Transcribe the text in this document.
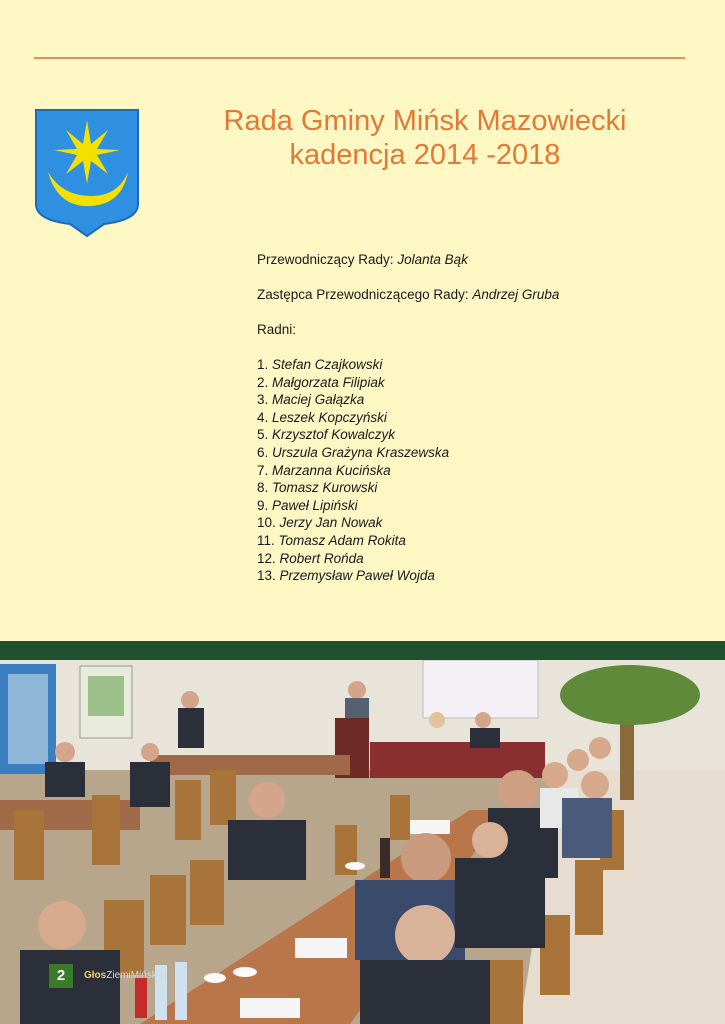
Rada Gminy Mińsk Mazowiecki
kadencja 2014 -2018
Przewodniczący Rady: Jolanta Bąk
Zastępca Przewodniczącego Rady: Andrzej Gruba
Radni:
1. Stefan Czajkowski
2. Małgorzata Filipiak
3. Maciej Gałązka
4. Leszek Kopczyński
5. Krzysztof Kowalczyk
6. Urszula Grażyna Kraszewska
7. Marzanna Kucińska
8. Tomasz Kurowski
9. Paweł Lipiński
10. Jerzy Jan Nowak
11. Tomasz Adam Rokita
12. Robert Rońda
13. Przemysław Paweł Wojda
2	GłosZiemiMińskiej
